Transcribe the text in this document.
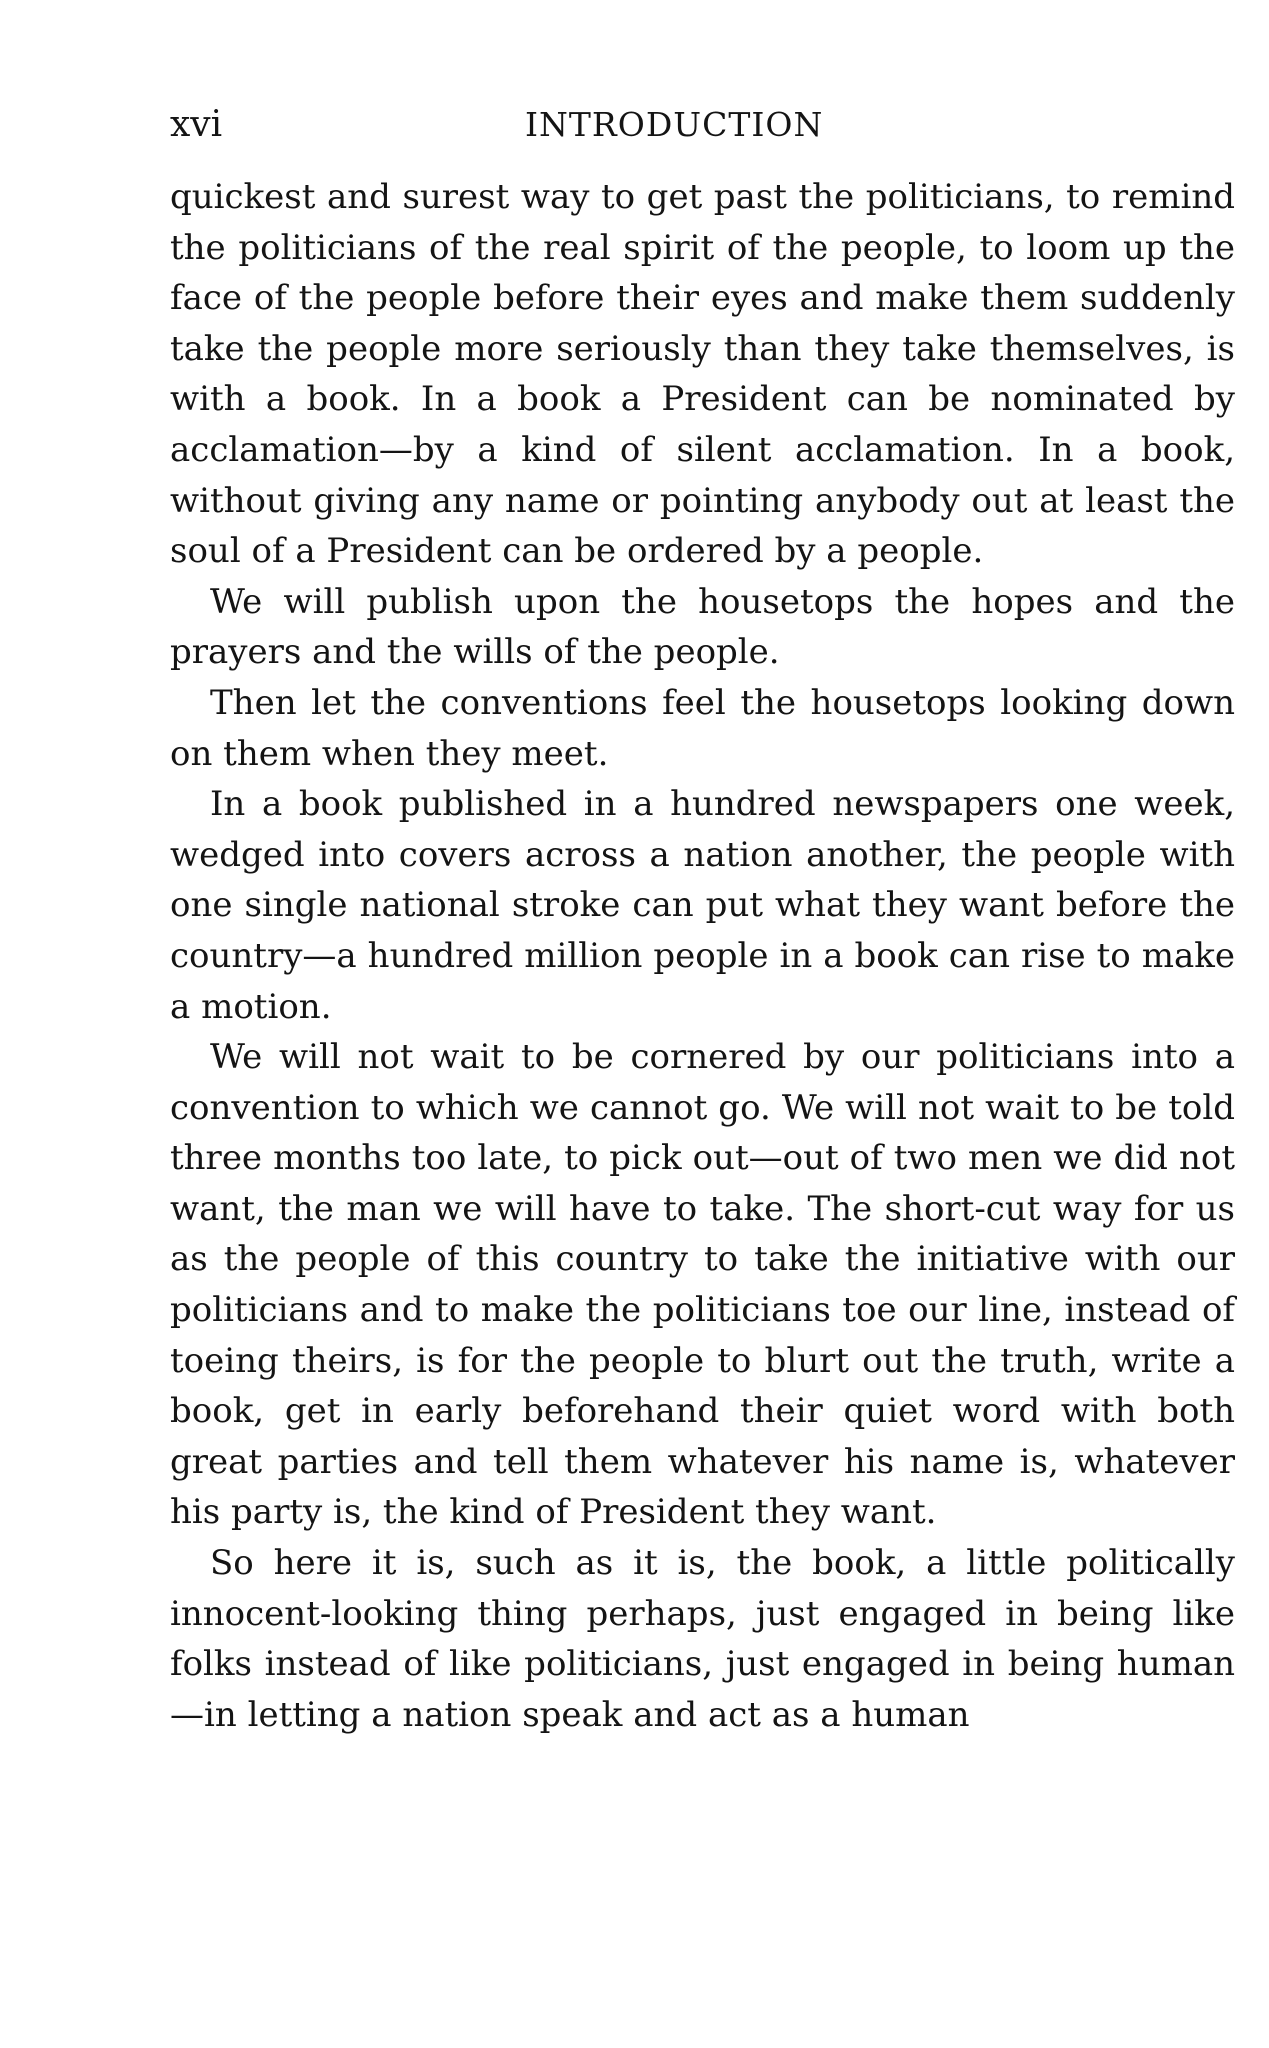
xvi	INTRODUCTION

quickest and surest way to get past the politicians, to remind the politicians of the real spirit of the people, to loom up the face of the people before their eyes and make them suddenly take the people more seriously than they take themselves, is with a book. In a book a President can be nominated by acclamation—by a kind of silent acclamation. In a book, without giving any name or pointing anybody out at least the soul of a President can be ordered by a people.

We will publish upon the housetops the hopes and the prayers and the wills of the people.

Then let the conventions feel the housetops looking down on them when they meet.

In a book published in a hundred newspapers one week, wedged into covers across a nation another, the people with one single national stroke can put what they want before the country—a hundred million people in a book can rise to make a motion.

We will not wait to be cornered by our politicians into a convention to which we cannot go. We will not wait to be told three months too late, to pick out—out of two men we did not want, the man we will have to take. The short-cut way for us as the people of this country to take the initiative with our politicians and to make the politicians toe our line, instead of toeing theirs, is for the people to blurt out the truth, write a book, get in early beforehand their quiet word with both great parties and tell them whatever his name is, whatever his party is, the kind of President they want.

So here it is, such as it is, the book, a little politically innocent-looking thing perhaps, just engaged in being like folks instead of like politicians, just engaged in being human—in letting a nation speak and act as a human
